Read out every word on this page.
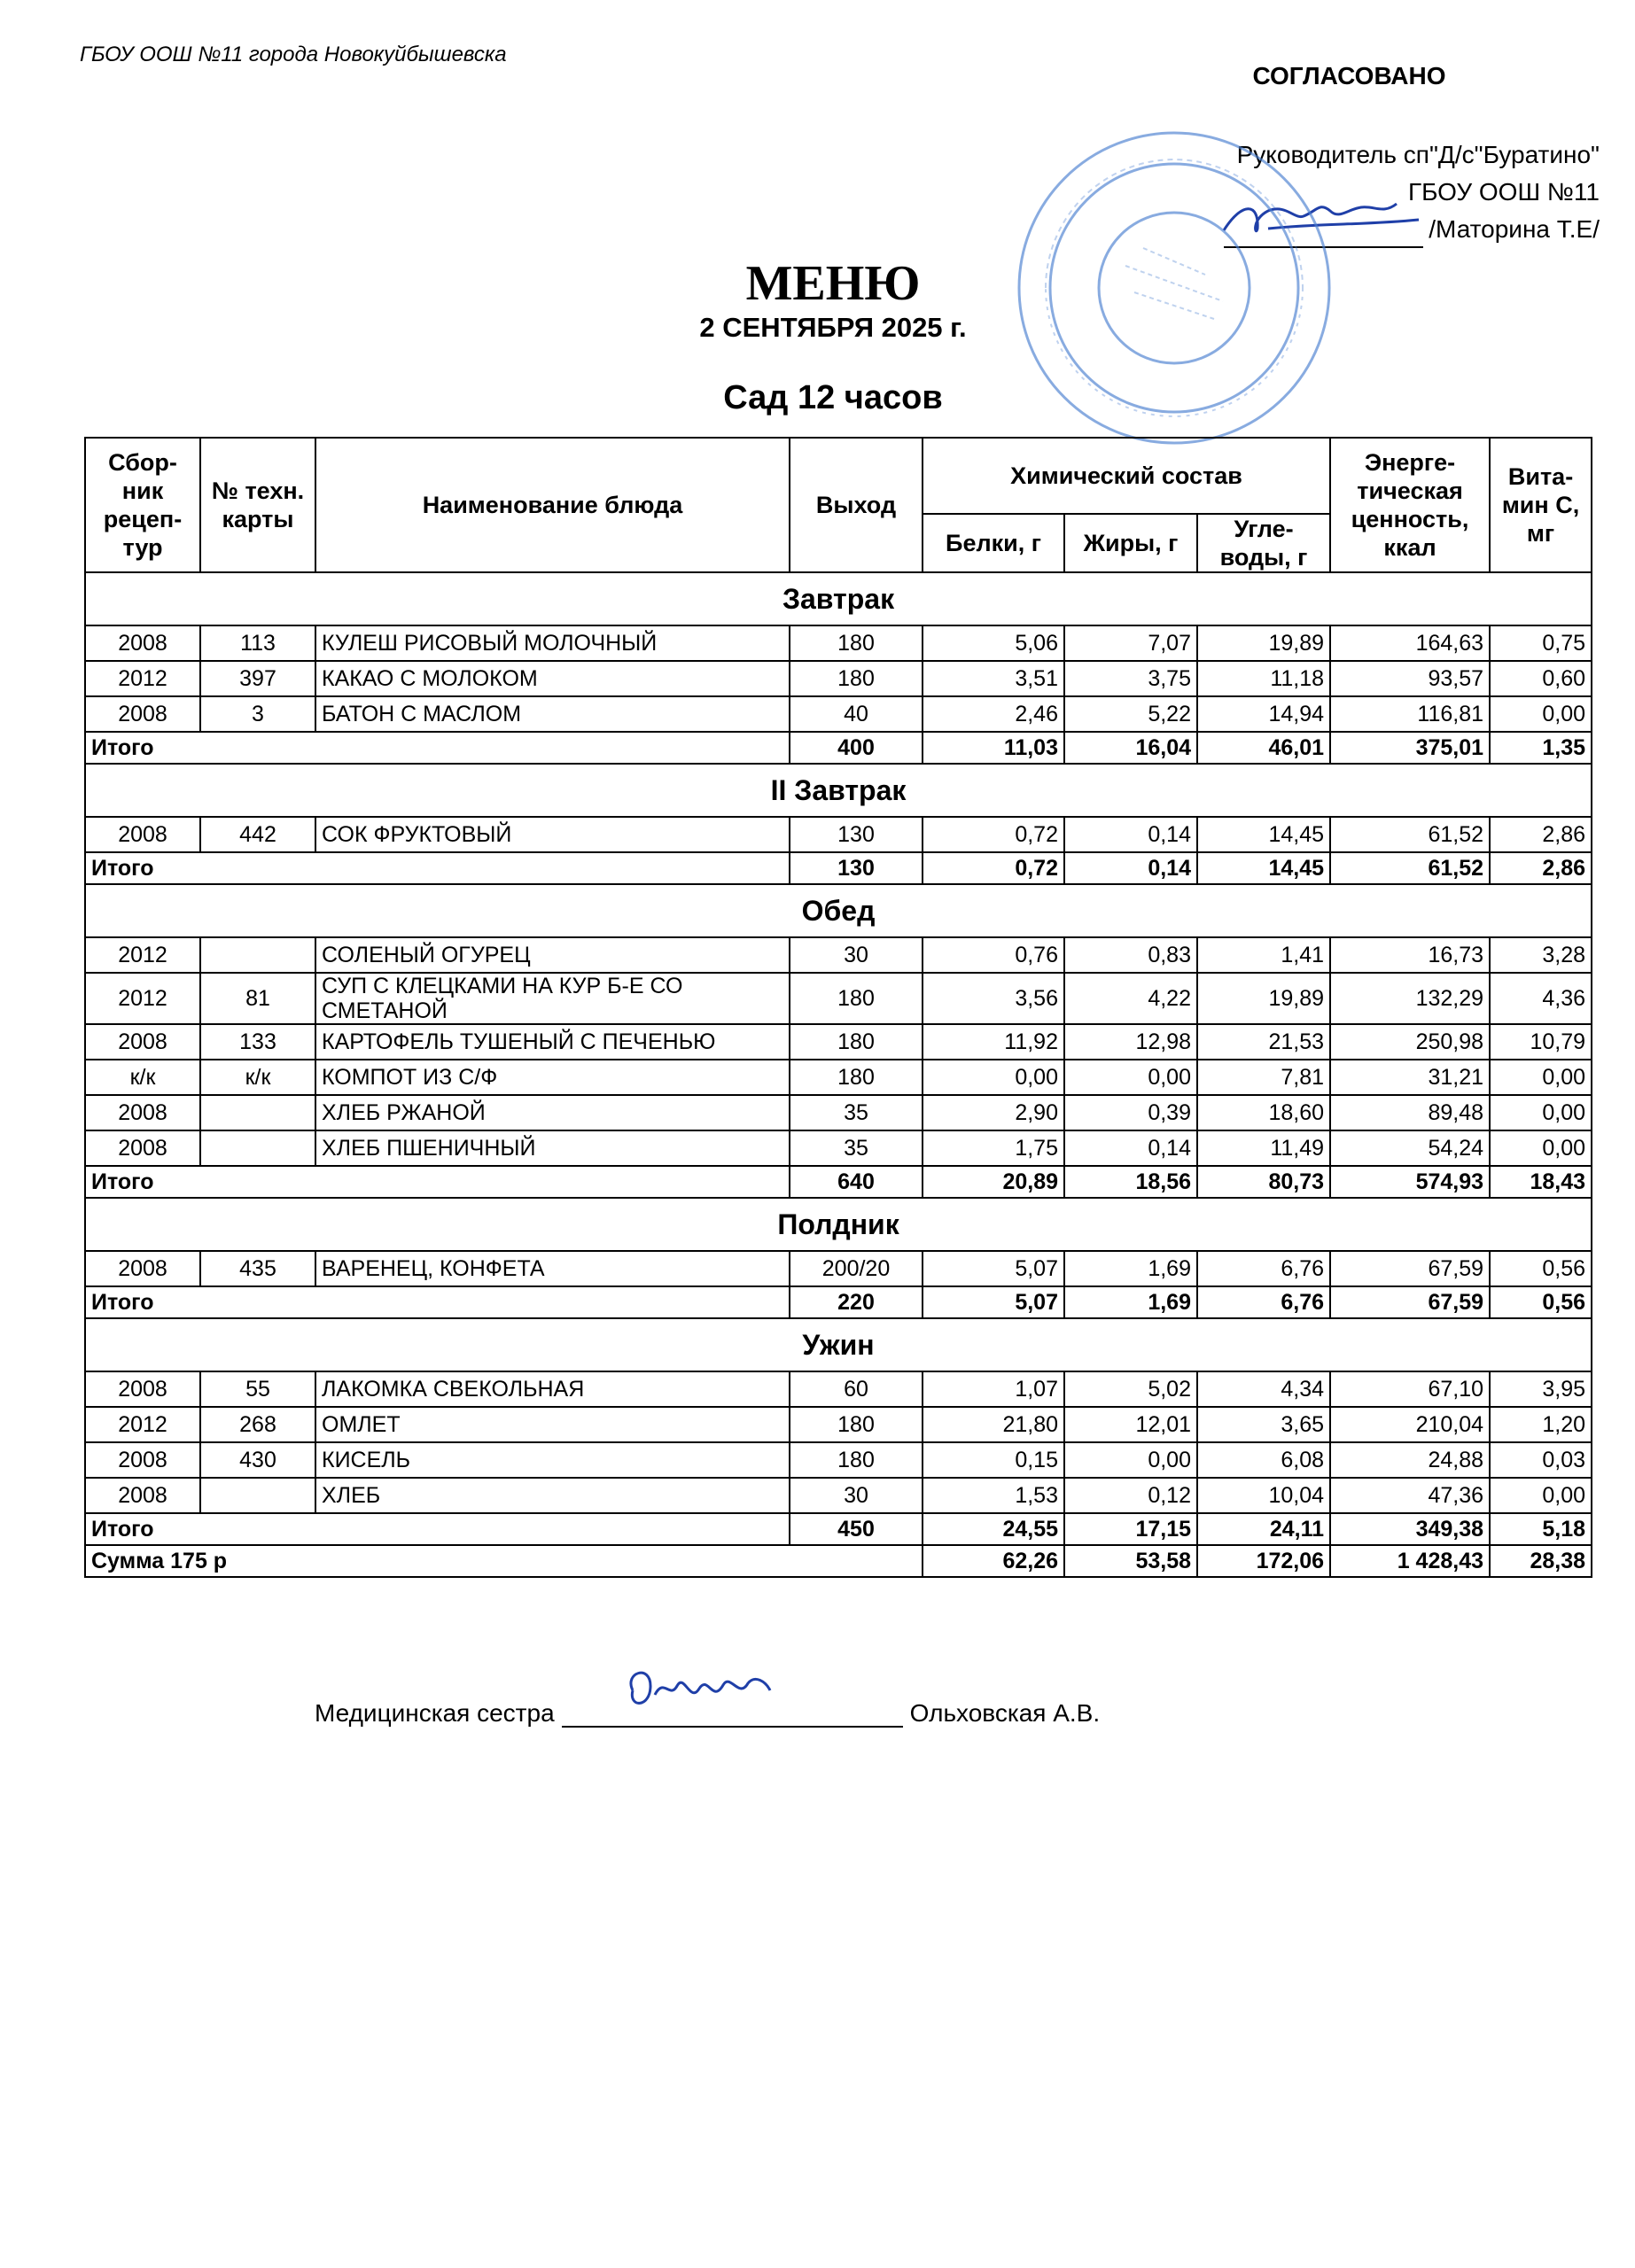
ГБОУ ООШ №11 города Новокуйбышевска
СОГЛАСОВАНО
Руководитель сп"Д/с"Буратино"
ГБОУ ООШ №11
/Маторина Т.Е/
МЕНЮ
2 СЕНТЯБРЯ 2025 г.
Сад 12 часов
Сбор-ник рецеп-тур	№ техн. карты	Наименование блюда	Выход	Химический состав			Энерге-тическая ценность, ккал	Вита-мин С, мг
				Белки, г	Жиры, г	Угле-воды, г		
Завтрак								
2008	113	КУЛЕШ РИСОВЫЙ МОЛОЧНЫЙ	180	5,06	7,07	19,89	164,63	0,75
2012	397	КАКАО С МОЛОКОМ	180	3,51	3,75	11,18	93,57	0,60
2008	3	БАТОН С МАСЛОМ	40	2,46	5,22	14,94	116,81	0,00
Итого			400	11,03	16,04	46,01	375,01	1,35
II Завтрак								
2008	442	СОК ФРУКТОВЫЙ	130	0,72	0,14	14,45	61,52	2,86
Итого			130	0,72	0,14	14,45	61,52	2,86
Обед								
2012		СОЛЕНЫЙ ОГУРЕЦ	30	0,76	0,83	1,41	16,73	3,28
2012	81	СУП С КЛЕЦКАМИ НА КУР Б-Е СО СМЕТАНОЙ	180	3,56	4,22	19,89	132,29	4,36
2008	133	КАРТОФЕЛЬ ТУШЕНЫЙ С ПЕЧЕНЬЮ	180	11,92	12,98	21,53	250,98	10,79
к/к	к/к	КОМПОТ ИЗ С/Ф	180	0,00	0,00	7,81	31,21	0,00
2008		ХЛЕБ РЖАНОЙ	35	2,90	0,39	18,60	89,48	0,00
2008		ХЛЕБ ПШЕНИЧНЫЙ	35	1,75	0,14	11,49	54,24	0,00
Итого			640	20,89	18,56	80,73	574,93	18,43
Полдник								
2008	435	ВАРЕНЕЦ, КОНФЕТА	200/20	5,07	1,69	6,76	67,59	0,56
Итого			220	5,07	1,69	6,76	67,59	0,56
Ужин								
2008	55	ЛАКОМКА СВЕКОЛЬНАЯ	60	1,07	5,02	4,34	67,10	3,95
2012	268	ОМЛЕТ	180	21,80	12,01	3,65	210,04	1,20
2008	430	КИСЕЛЬ	180	0,15	0,00	6,08	24,88	0,03
2008		ХЛЕБ	30	1,53	0,12	10,04	47,36	0,00
Итого			450	24,55	17,15	24,11	349,38	5,18
Сумма 175 р				62,26	53,58	172,06	1 428,43	28,38
Медицинская сестра	Ольховская А.В.
